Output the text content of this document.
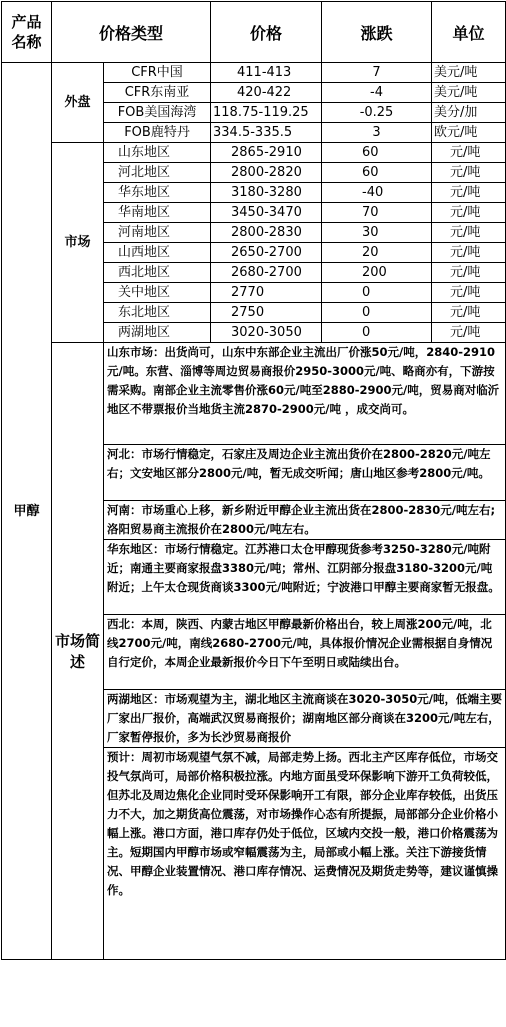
产品
名称	价格类型		价格	涨跌	单位
甲醇	外盘	CFR中国	411-413	7	美元/吨
		CFR东南亚	420-422	-4	美元/吨
		FOB美国海湾	118.75-119.25	-0.25	美分/加
		FOB鹿特丹	334.5-335.5	3	欧元/吨
	市场	山东地区	2865-2910	60	元/吨
		河北地区	2800-2820	60	元/吨
		华东地区	3180-3280	-40	元/吨
		华南地区	3450-3470	70	元/吨
		河南地区	2800-2830	30	元/吨
		山西地区	2650-2700	20	元/吨
		西北地区	2680-2700	200	元/吨
		关中地区	2770	0	元/吨
		东北地区	2750	0	元/吨
		两湖地区	3020-3050	0	元/吨
	市场简
述	山东市场：出货尚可，山东中东部企业主流出厂价涨50元/吨，2840-2910元/吨。东营、淄博等周边贸易商报价2950-3000元/吨、略商亦有，下游按需采购。南部企业主流零售价涨60元/吨至2880-2900元/吨，贸易商对临沂地区不带票报价当地货主流2870-2900元/吨 ，成交尚可。			
		河北：市场行情稳定，石家庄及周边企业主流出货价在2800-2820元/吨左右；文安地区部分2800元/吨，暂无成交听闻；唐山地区参考2800元/吨。			
		河南：市场重心上移，新乡附近甲醇企业主流出货在2800-2830元/吨左右;洛阳贸易商主流报价在2800元/吨左右。			
		华东地区：市场行情稳定。江苏港口太仓甲醇现货参考3250-3280元/吨附近；南通主要商家报盘3380元/吨；常州、江阴部分报盘3180-3200元/吨附近；上午太仓现货商谈3300元/吨附近；宁波港口甲醇主要商家暂无报盘。			
		西北：本周，陕西、内蒙古地区甲醇最新价格出台，较上周涨200元/吨，北线2700元/吨，南线2680-2700元/吨，具体报价情况企业需根据自身情况自行定价，本周企业最新报价今日下午至明日或陆续出台。			
		两湖地区：市场观望为主，湖北地区主流商谈在3020-3050元/吨，低端主要厂家出厂报价，高端武汉贸易商报价；湖南地区部分商谈在3200元/吨左右，厂家暂停报价，多为长沙贸易商报价			
		预计：周初市场观望气氛不减，局部走势上扬。西北主产区库存低位，市场交投气氛尚可，局部价格积极拉涨。内地方面虽受环保影响下游开工负荷较低，但苏北及周边焦化企业同时受环保影响开工有限，部分企业库存较低，出货压力不大，加之期货高位震荡，对市场操作心态有所提振，局部部分企业价格小幅上涨。港口方面，港口库存仍处于低位，区域内交投一般，港口价格震荡为主。短期国内甲醇市场或窄幅震荡为主，局部或小幅上涨。关注下游接货情况、甲醇企业装置情况、港口库存情况、运费情况及期货走势等，建议谨慎操作。			
